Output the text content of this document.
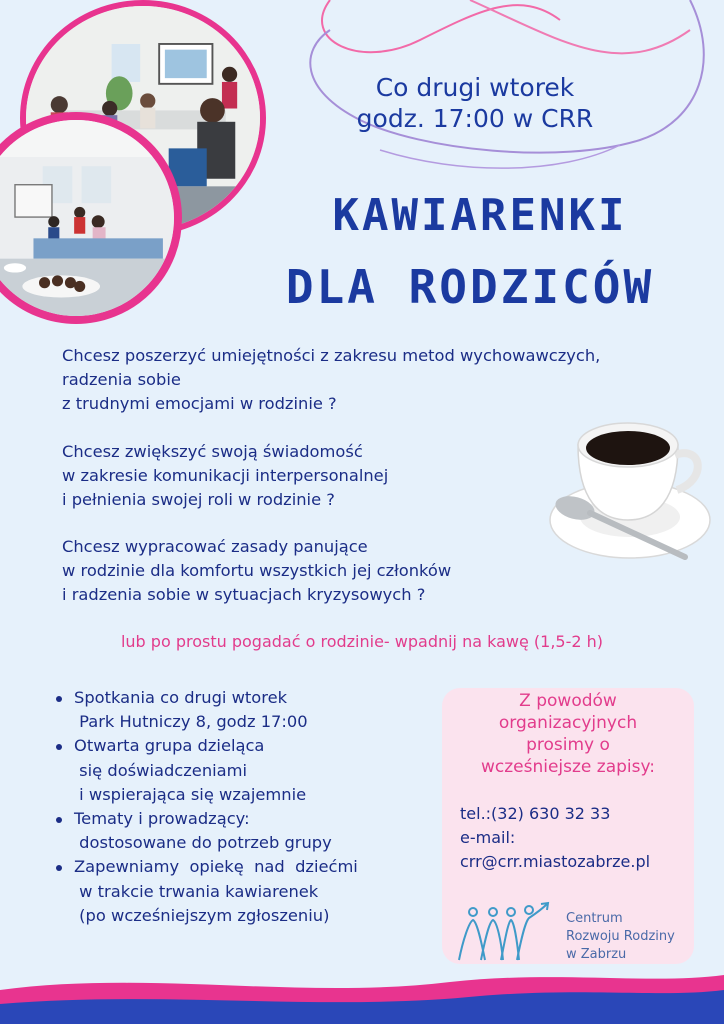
Co drugi wtorek
godz. 17:00 w CRR
KAWIARENKI
DLA RODZICÓW
Chcesz poszerzyć umiejętności z zakresu metod wychowawczych,
radzenia sobie
z trudnymi emocjami w rodzinie ?
Chcesz zwiększyć swoją świadomość
w zakresie komunikacji interpersonalnej
i pełnienia swojej roli w rodzinie ?
Chcesz wypracować zasady panujące
w rodzinie dla komfortu wszystkich jej członków
i radzenia sobie w sytuacjach kryzysowych ?
lub po prostu pogadać o rodzinie- wpadnij na kawę (1,5-2 h)
Spotkania co drugi wtorek
Park Hutniczy 8, godz 17:00
Otwarta grupa dzieląca
się doświadczeniami
i wspierająca się wzajemnie
Tematy i prowadzący:
dostosowane do potrzeb grupy
Zapewniamy  opiekę  nad  dziećmi
w trakcie trwania kawiarenek
(po wcześniejszym zgłoszeniu)
Z powodów
organizacyjnych
prosimy o
wcześniejsze zapisy:
tel.:(32) 630 32 33
e-mail:
crr@crr.miastozabrze.pl
Centrum
Rozwoju Rodziny
w Zabrzu
